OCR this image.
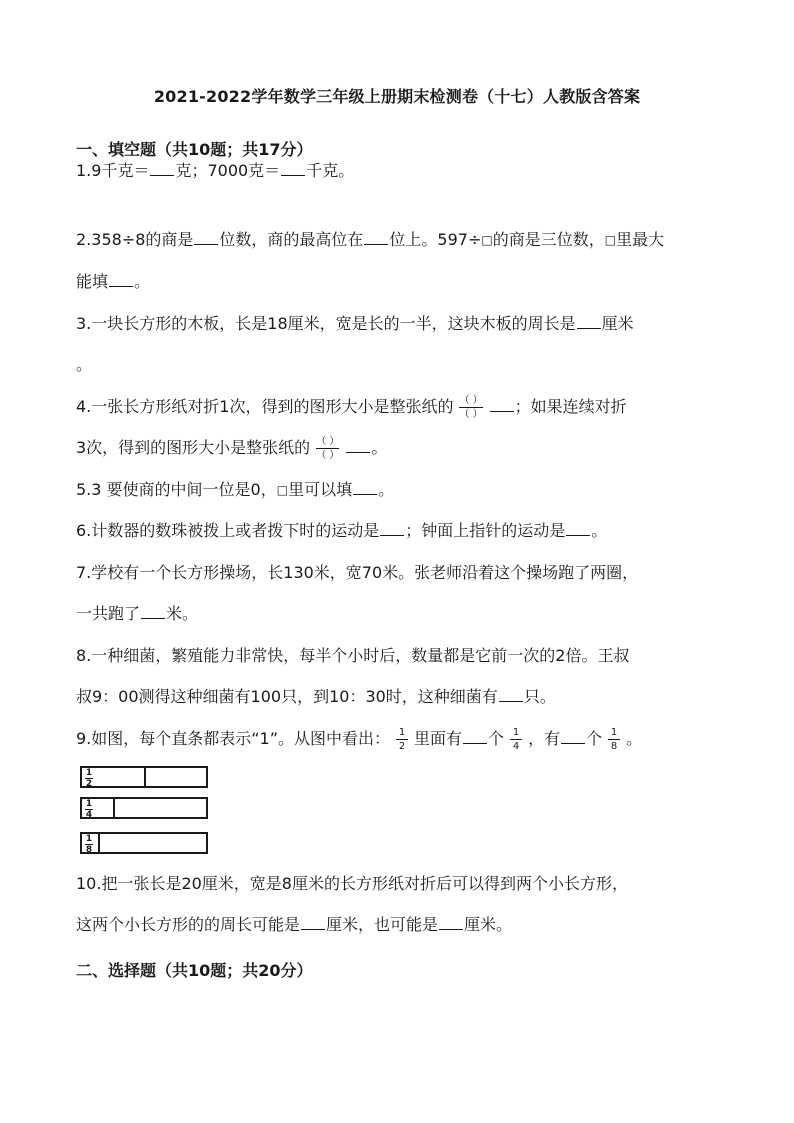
2021-2022学年数学三年级上册期末检测卷（十七）人教版含答案
一、填空题（共10题；共17分）
1.9千克＝ 克；7000克＝ 千克。
2.358÷8的商是 位数，商的最高位在 位上。597÷□的商是三位数，□里最大
能填 。
3.一块长方形的木板，长是18厘米，宽是长的一半，这块木板的周长是 厘米
。
4.一张长方形纸对折1次，得到的图形大小是整张纸的 $\frac{( )}{( )}$ ；如果连续对折
3次，得到的图形大小是整张纸的 $\frac{( )}{( )}$ 。
5.3 要使商的中间一位是0，□里可以填 。
6.计数器的数珠被拨上或者拨下时的运动是 ；钟面上指针的运动是 。
7.学校有一个长方形操场，长130米，宽70米。张老师沿着这个操场跑了两圈，
一共跑了 米。
8.一种细菌，繁殖能力非常快，每半个小时后，数量都是它前一次的2倍。王叔
叔9：00测得这种细菌有100只，到10：30时，这种细菌有 只。
9.如图，每个直条都表示“1”。从图中看出： $\frac{1}{2}$ 里面有 个 $\frac{1}{4}$ ，有 个 $\frac{1}{8}$ 。
1
2
1
4
1
8
10.把一张长是20厘米，宽是8厘米的长方形纸对折后可以得到两个小长方形，
这两个小长方形的的周长可能是 厘米，也可能是 厘米。
二、选择题（共10题；共20分）
